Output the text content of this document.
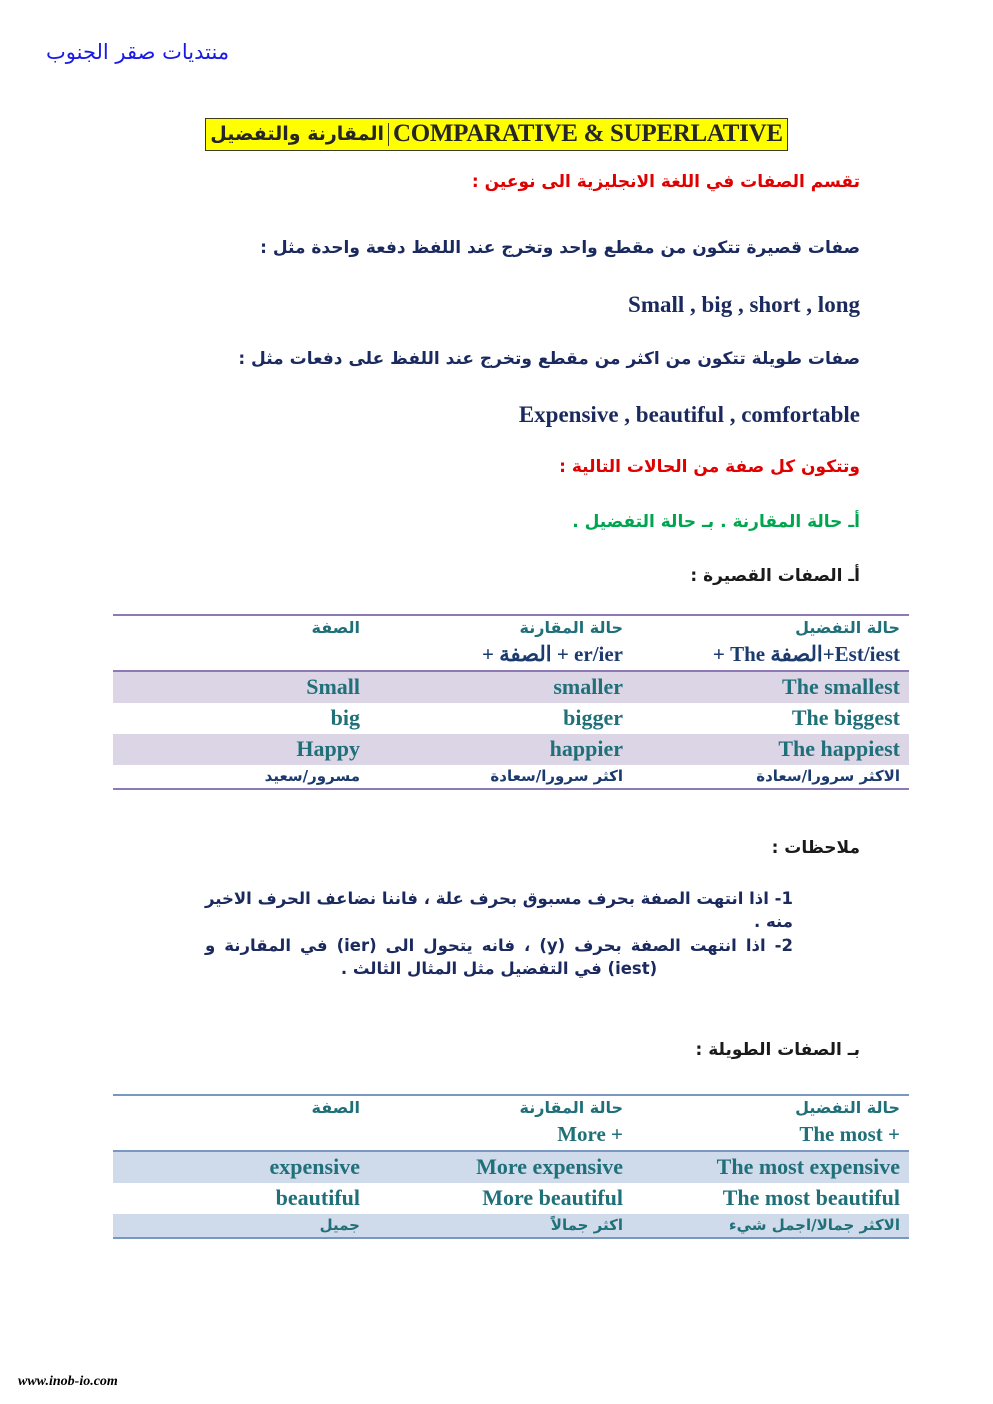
منتديات صقر الجنوب
المقارنة والتفضيل COMPARATIVE & SUPERLATIVE
تقسم الصفات في اللغة الانجليزية الى نوعين :
صفات قصيرة تتكون من مقطع واحد وتخرج عند اللفظ دفعة واحدة مثل :
Small , big , short , long
صفات طويلة تتكون من اكثر من مقطع وتخرج عند اللفظ على دفعات مثل :
Expensive , beautiful , comfortable
وتتكون كل صفة من الحالات التالية :
أـ حالة المقارنة . بـ حالة التفضيل .
أـ الصفات القصيرة :
حالة التفضيل	حالة المقارنة	الصفة
Est/iest+الصفة The +	er/ier + الصفة +	
The smallest	smaller	Small
The biggest	bigger	big
The happiest	happier	Happy
الاكثر سرورا/سعادة	اكثر سرورا/سعادة	مسرور/سعيد
ملاحظات :
1- اذا انتهت الصفة بحرف مسبوق بحرف علة ، فاننا نضاعف الحرف الاخير منه .
2- اذا انتهت الصفة بحرف (y) ، فانه يتحول الى (ier) في المقارنة و (iest) في التفضيل مثل المثال الثالث .
بـ الصفات الطويلة :
حالة التفضيل	حالة المقارنة	الصفة
The most +	More +	
The most expensive	More expensive	expensive
The most beautiful	More beautiful	beautiful
الاكثر جمالا/اجمل شيء	اكثر جمالاً	جميل
www.inob-io.com
